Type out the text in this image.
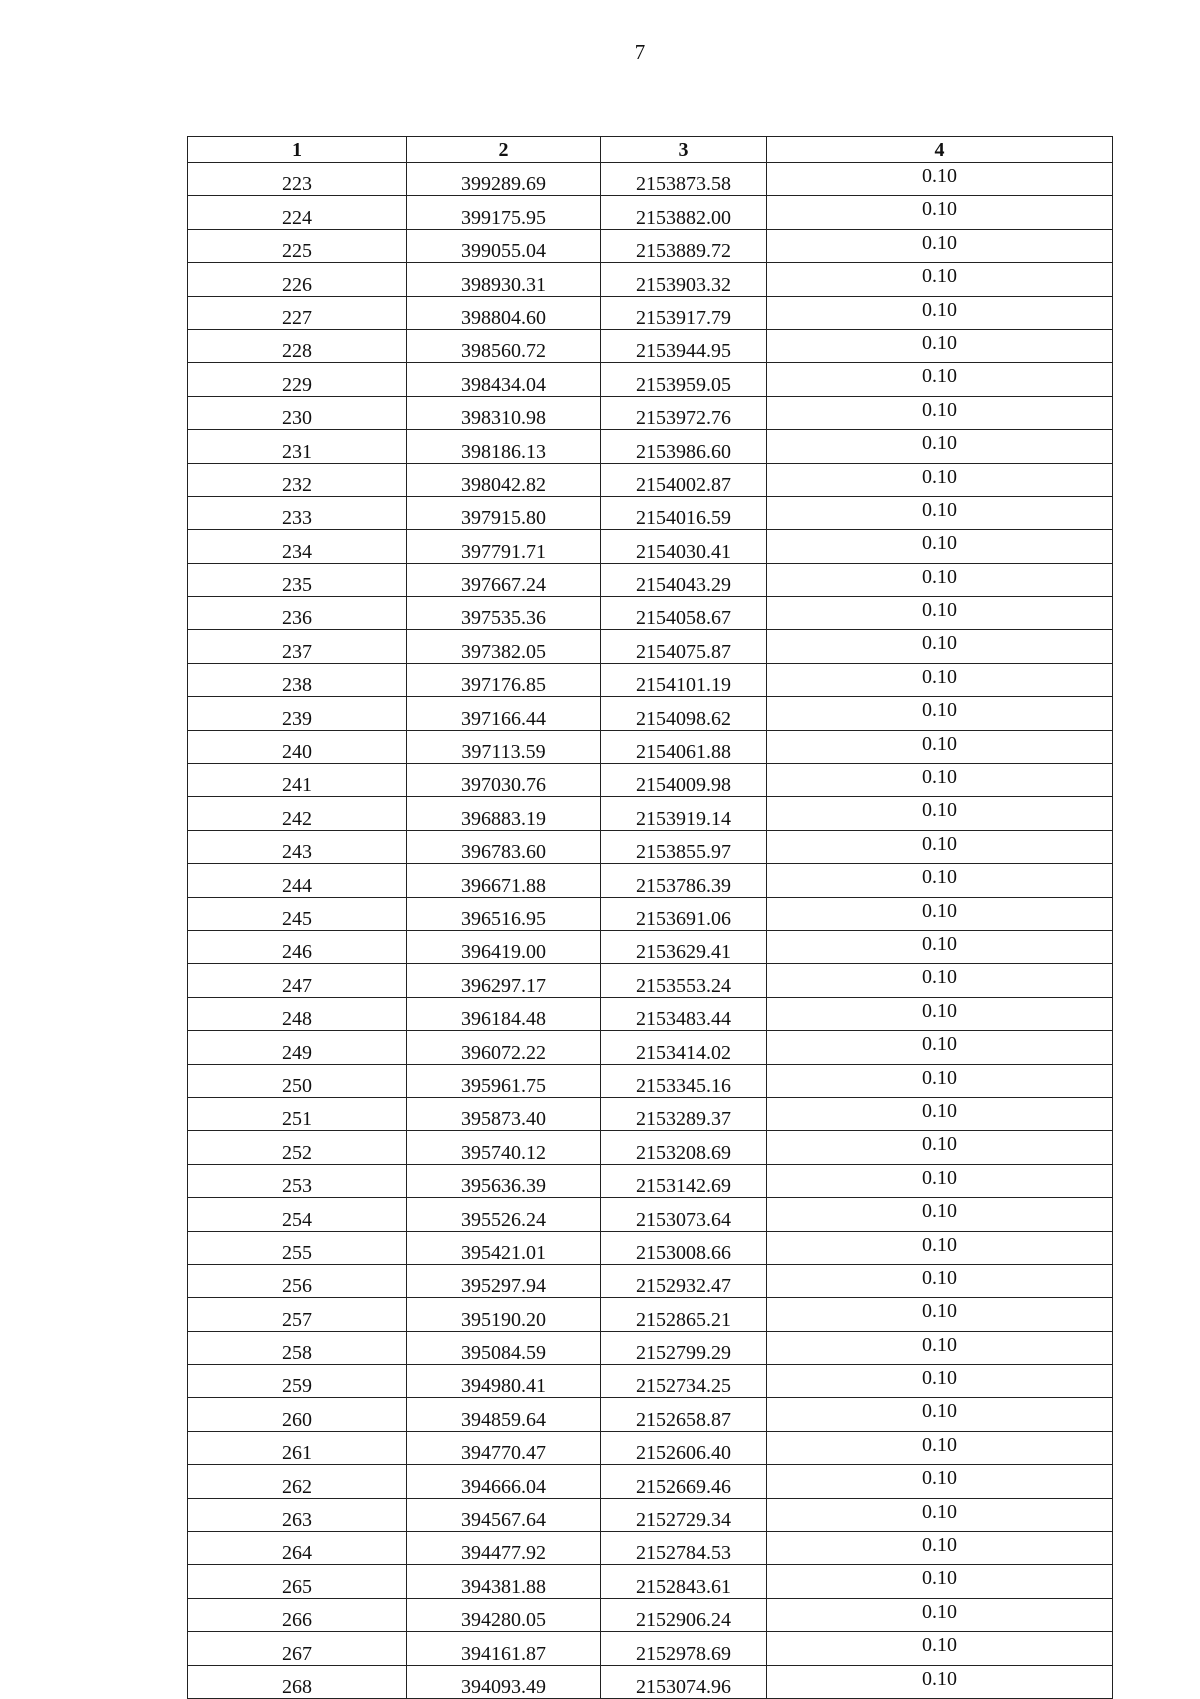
7
1	2	3	4
223	399289.69	2153873.58	0.10
224	399175.95	2153882.00	0.10
225	399055.04	2153889.72	0.10
226	398930.31	2153903.32	0.10
227	398804.60	2153917.79	0.10
228	398560.72	2153944.95	0.10
229	398434.04	2153959.05	0.10
230	398310.98	2153972.76	0.10
231	398186.13	2153986.60	0.10
232	398042.82	2154002.87	0.10
233	397915.80	2154016.59	0.10
234	397791.71	2154030.41	0.10
235	397667.24	2154043.29	0.10
236	397535.36	2154058.67	0.10
237	397382.05	2154075.87	0.10
238	397176.85	2154101.19	0.10
239	397166.44	2154098.62	0.10
240	397113.59	2154061.88	0.10
241	397030.76	2154009.98	0.10
242	396883.19	2153919.14	0.10
243	396783.60	2153855.97	0.10
244	396671.88	2153786.39	0.10
245	396516.95	2153691.06	0.10
246	396419.00	2153629.41	0.10
247	396297.17	2153553.24	0.10
248	396184.48	2153483.44	0.10
249	396072.22	2153414.02	0.10
250	395961.75	2153345.16	0.10
251	395873.40	2153289.37	0.10
252	395740.12	2153208.69	0.10
253	395636.39	2153142.69	0.10
254	395526.24	2153073.64	0.10
255	395421.01	2153008.66	0.10
256	395297.94	2152932.47	0.10
257	395190.20	2152865.21	0.10
258	395084.59	2152799.29	0.10
259	394980.41	2152734.25	0.10
260	394859.64	2152658.87	0.10
261	394770.47	2152606.40	0.10
262	394666.04	2152669.46	0.10
263	394567.64	2152729.34	0.10
264	394477.92	2152784.53	0.10
265	394381.88	2152843.61	0.10
266	394280.05	2152906.24	0.10
267	394161.87	2152978.69	0.10
268	394093.49	2153074.96	0.10
